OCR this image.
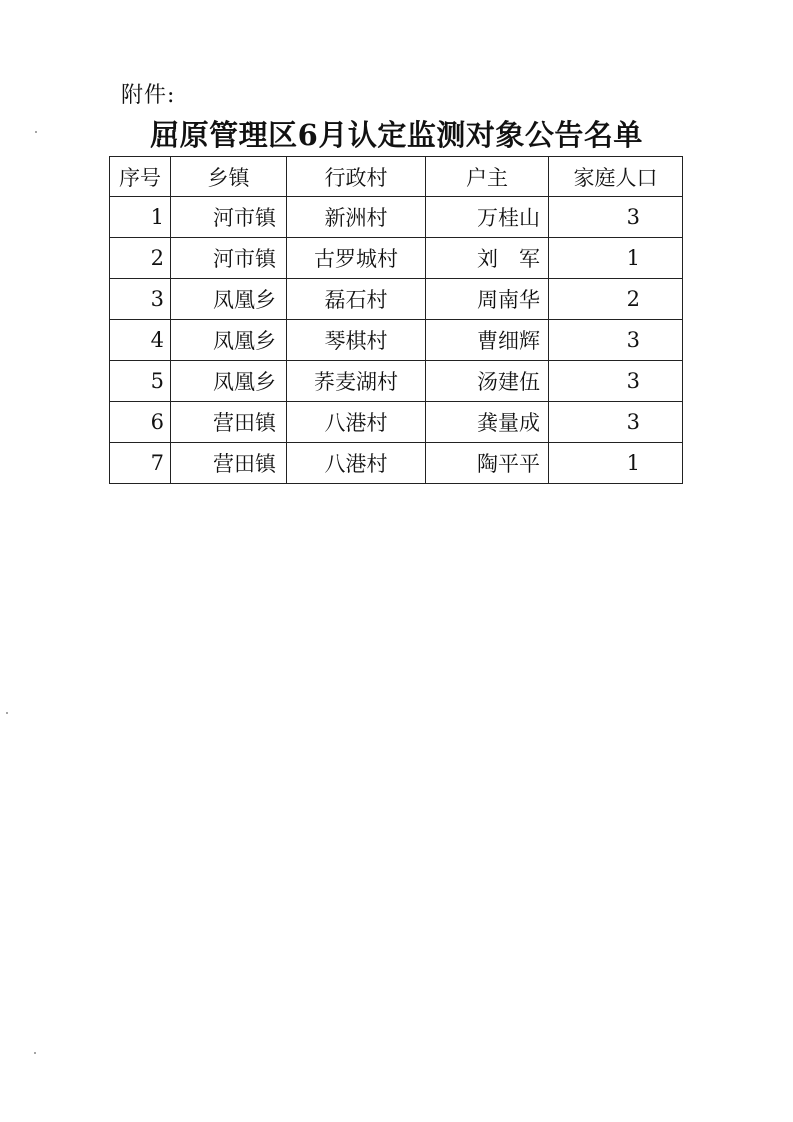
附件:
屈原管理区6月认定监测对象公告名单
序号	乡镇	行政村	户主	家庭人口
1	河市镇	新洲村	万桂山	3
2	河市镇	古罗城村	刘　军	1
3	凤凰乡	磊石村	周南华	2
4	凤凰乡	琴棋村	曹细辉	3
5	凤凰乡	荞麦湖村	汤建伍	3
6	营田镇	八港村	龚量成	3
7	营田镇	八港村	陶平平	1
